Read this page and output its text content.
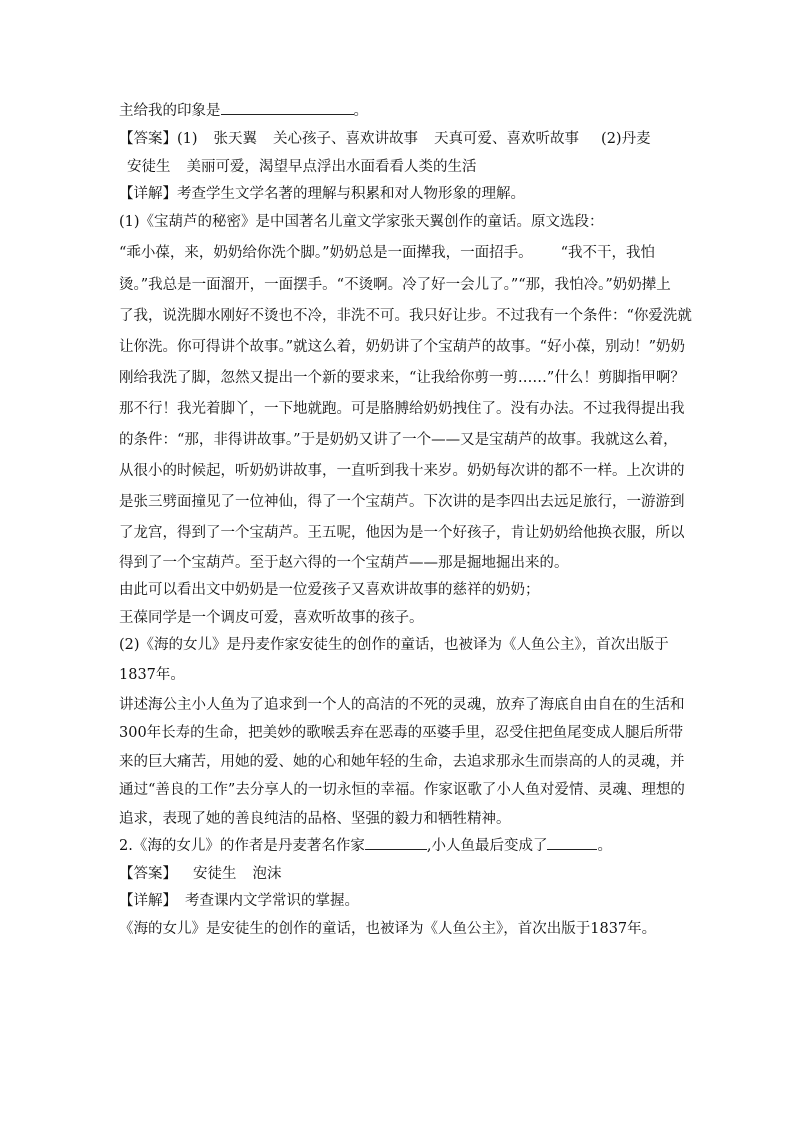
主给我的印象是	。
【答案】(1) 张天翼 关心孩子、喜欢讲故事 天真可爱、喜欢听故事 (2)丹麦
安徒生 美丽可爱，渴望早点浮出水面看看人类的生活
【详解】考查学生文学名著的理解与积累和对人物形象的理解。
(1)《宝葫芦的秘密》是中国著名儿童文学家张天翼创作的童话。原文选段：
“乖小葆，来，奶奶给你洗个脚。”奶奶总是一面撵我，一面招手。 “我不干，我怕
烫。”我总是一面溜开，一面摆手。“不烫啊。冷了好一会儿了。”“那，我怕冷。”奶奶撵上
了我，说洗脚水刚好不烫也不冷，非洗不可。我只好让步。不过我有一个条件：“你爱洗就
让你洗。你可得讲个故事。”就这么着，奶奶讲了个宝葫芦的故事。“好小葆，别动！”奶奶
刚给我洗了脚，忽然又提出一个新的要求来，“让我给你剪一剪……”什么！剪脚指甲啊？
那不行！我光着脚丫，一下地就跑。可是胳膊给奶奶拽住了。没有办法。不过我得提出我
的条件：“那，非得讲故事。”于是奶奶又讲了一个——又是宝葫芦的故事。我就这么着，
从很小的时候起，听奶奶讲故事，一直听到我十来岁。奶奶每次讲的都不一样。上次讲的
是张三劈面撞见了一位神仙，得了一个宝葫芦。下次讲的是李四出去远足旅行，一游游到
了龙宫，得到了一个宝葫芦。王五呢，他因为是一个好孩子，肯让奶奶给他换衣服，所以
得到了一个宝葫芦。至于赵六得的一个宝葫芦——那是掘地掘出来的。
由此可以看出文中奶奶是一位爱孩子又喜欢讲故事的慈祥的奶奶；
王葆同学是一个调皮可爱，喜欢听故事的孩子。
(2)《海的女儿》是丹麦作家安徒生的创作的童话，也被译为《人鱼公主》，首次出版于
1837年。
讲述海公主小人鱼为了追求到一个人的高洁的不死的灵魂，放弃了海底自由自在的生活和
300年长寿的生命，把美妙的歌喉丢弃在恶毒的巫婆手里，忍受住把鱼尾变成人腿后所带
来的巨大痛苦，用她的爱、她的心和她年轻的生命，去追求那永生而崇高的人的灵魂，并
通过“善良的工作”去分享人的一切永恒的幸福。作家讴歌了小人鱼对爱情、灵魂、理想的
追求，表现了她的善良纯洁的品格、坚强的毅力和牺牲精神。
2.《海的女儿》的作者是丹麦著名作家	,小人鱼最后变成了	。
【答案】 安徒生 泡沫
【详解】 考查课内文学常识的掌握。
《海的女儿》是安徒生的创作的童话，也被译为《人鱼公主》，首次出版于1837年。
